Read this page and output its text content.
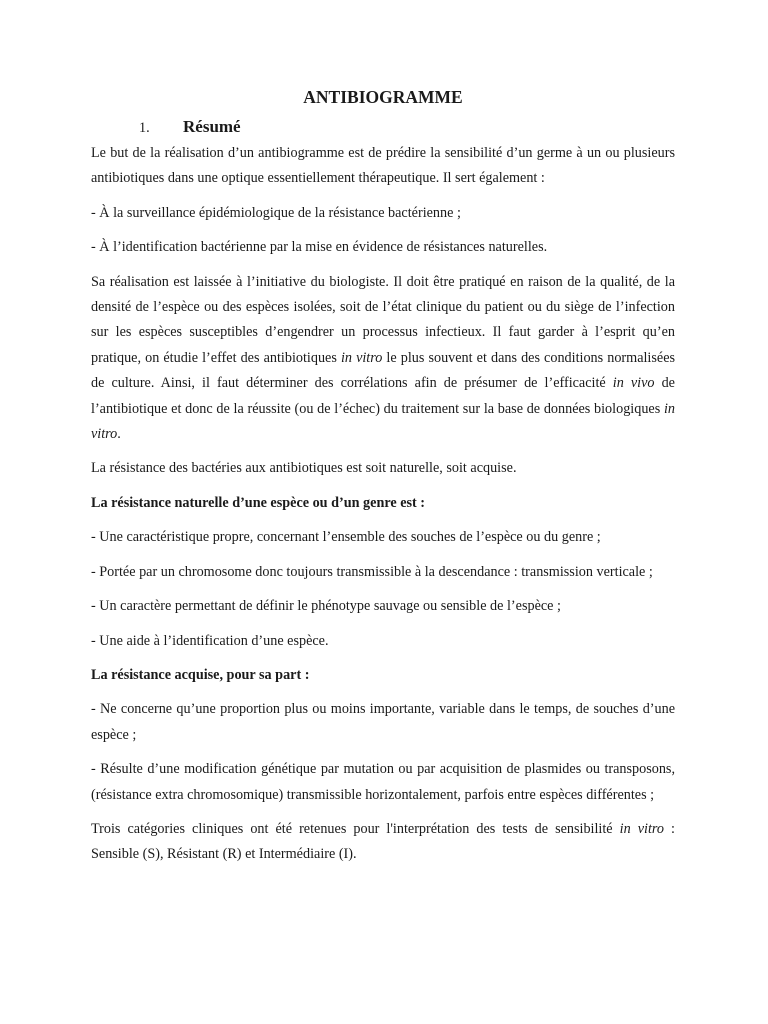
ANTIBIOGRAMME
1.	Résumé

Le but de la réalisation d’un antibiogramme est de prédire la sensibilité d’un germe à un ou plusieurs antibiotiques dans une optique essentiellement thérapeutique. Il sert également :

- À la surveillance épidémiologique de la résistance bactérienne ;

- À l’identification bactérienne par la mise en évidence de résistances naturelles.

Sa réalisation est laissée à l’initiative du biologiste. Il doit être pratiqué en raison de la qualité, de la densité de l’espèce ou des espèces isolées, soit de l’état clinique du patient ou du siège de l’infection sur les espèces susceptibles d’engendrer un processus infectieux. Il faut garder à l’esprit qu’en pratique, on étudie l’effet des antibiotiques in vitro le plus souvent et dans des conditions normalisées de culture. Ainsi, il faut déterminer des corrélations afin de présumer de l’efficacité in vivo de l’antibiotique et donc de la réussite (ou de l’échec) du traitement sur la base de données biologiques in vitro.

La résistance des bactéries aux antibiotiques est soit naturelle, soit acquise.

La résistance naturelle d’une espèce ou d’un genre est :

- Une caractéristique propre, concernant l’ensemble des souches de l’espèce ou du genre ;

- Portée par un chromosome donc toujours transmissible à la descendance : transmission verticale ;

- Un caractère permettant de définir le phénotype sauvage ou sensible de l’espèce ;

- Une aide à l’identification d’une espèce.

La résistance acquise, pour sa part :

- Ne concerne qu’une proportion plus ou moins importante, variable dans le temps, de souches d’une espèce ;

- Résulte d’une modification génétique par mutation ou par acquisition de plasmides ou transposons, (résistance extra chromosomique) transmissible horizontalement, parfois entre espèces différentes ;

Trois catégories cliniques ont été retenues pour l'interprétation des tests de sensibilité in vitro : Sensible (S), Résistant (R) et Intermédiaire (I).
